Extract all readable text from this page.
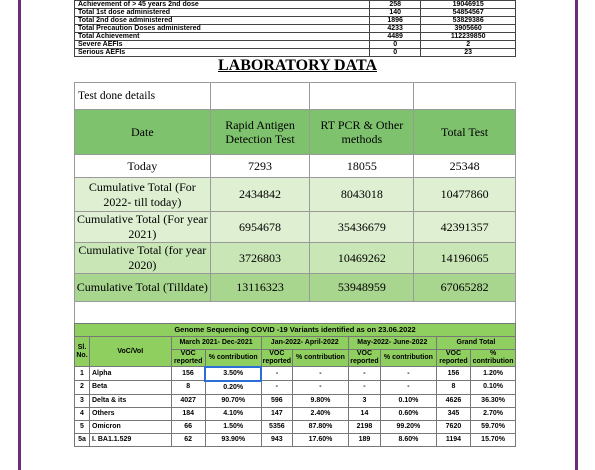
Achievement of > 45 years 2nd dose	258	19046915
Total 1st dose administered	140	54854567
Total 2nd dose administered	1896	53829386
Total Precaution Doses administered	4233	3905660
Total Achievement	4489	112239850
Severe AEFIs	0	2
Serious AEFIs	0	23
LABORATORY DATA
Test done details			
Date	Rapid Antigen Detection Test	RT PCR & Other methods	Total Test
Today	7293	18055	25348
Cumulative Total (For 2022- till today)	2434842	8043018	10477860
Cumulative Total (For year 2021)	6954678	35436679	42391357
Cumulative Total (for year 2020)	3726803	10469262	14196065
Cumulative Total (Tilldate)	13116323	53948959	67065282

Genome Sequencing COVID -19 Variants identified as on 23.06.2022									
Sl. No.	VoC/VoI	March 2021- Dec-2021		Jan-2022- April-2022		May-2022- June-2022		Grand Total	
		VOC reported	% contribution	VOC reported	% contribution	VOC reported	% contribution	VOC reported	% contribution

1	Alpha	156	3.50%	-	-	-	-	156	1.20%
2	Beta	8	0.20%	-	-	-	-	8	0.10%
3	Delta & its	4027	90.70%	596	9.80%	3	0.10%	4626	36.30%
4	Others	184	4.10%	147	2.40%	14	0.60%	345	2.70%
5	Omicron	66	1.50%	5356	87.80%	2198	99.20%	7620	59.70%
5a	I. BA1.1.529	62	93.90%	943	17.60%	189	8.60%	1194	15.70%
